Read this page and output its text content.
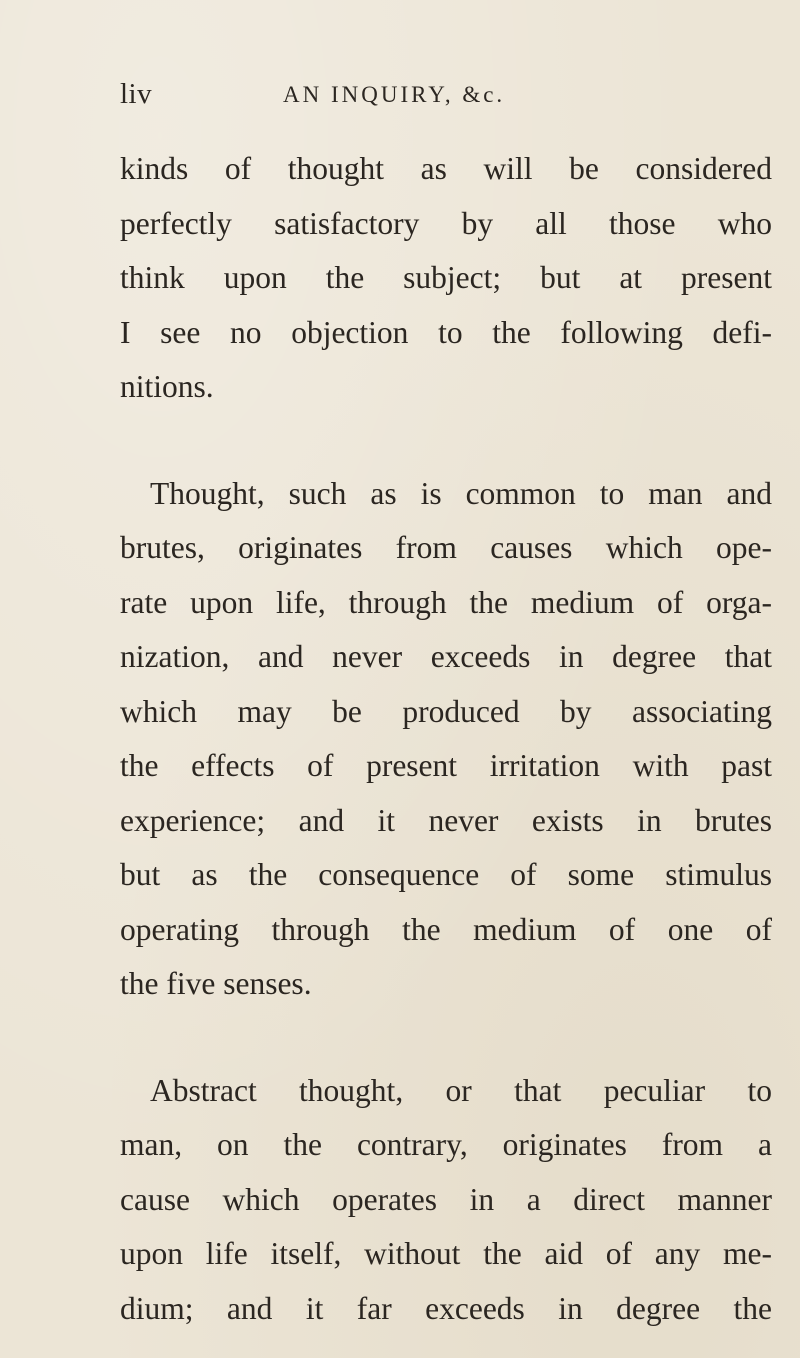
liv	AN INQUIRY, &c.

kinds of thought as will be considered
perfectly satisfactory by all those who
think upon the subject; but at present
I see no objection to the following defi-
nitions.

Thought, such as is common to man and
brutes, originates from causes which ope-
rate upon life, through the medium of orga-
nization, and never exceeds in degree that
which may be produced by associating
the effects of present irritation with past
experience; and it never exists in brutes
but as the consequence of some stimulus
operating through the medium of one of
the five senses.

Abstract thought, or that peculiar to
man, on the contrary, originates from a
cause which operates in a direct manner
upon life itself, without the aid of any me-
dium; and it far exceeds in degree the
